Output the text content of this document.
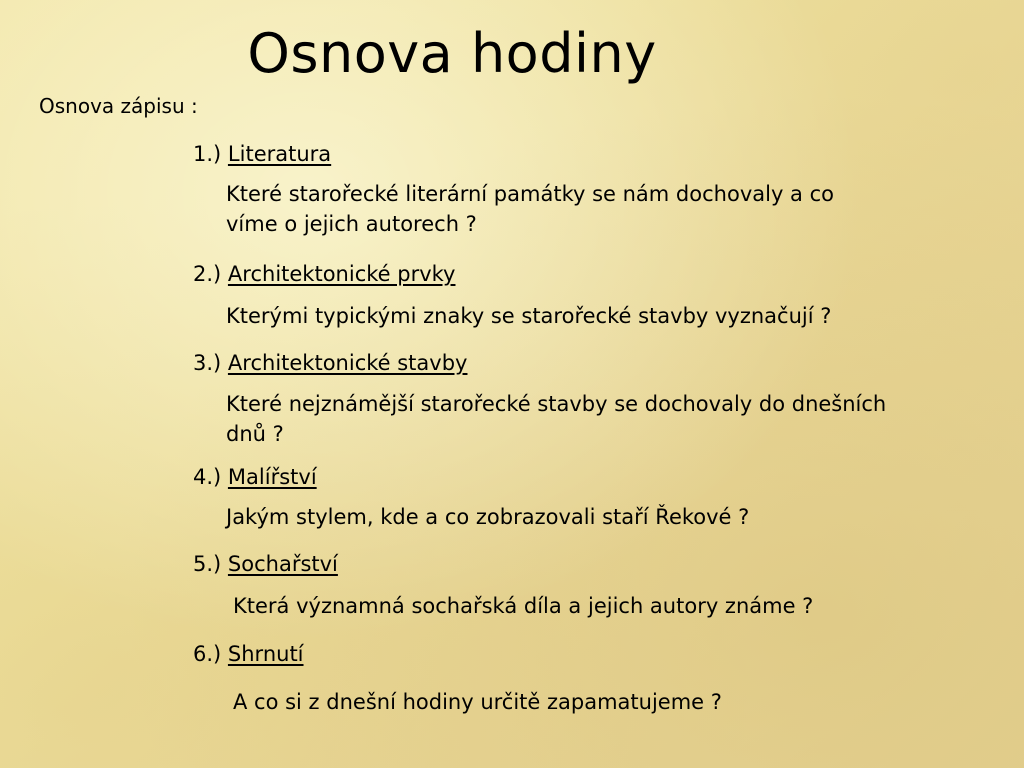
Osnova hodiny
Osnova zápisu :
1.) Literatura
Které starořecké literární památky se nám dochovaly a co
víme o jejich autorech ?
2.) Architektonické prvky
Kterými typickými znaky se starořecké stavby vyznačují ?
3.) Architektonické stavby
Které nejznámější starořecké stavby se dochovaly do dnešních
dnů ?
4.) Malířství
Jakým stylem, kde a co zobrazovali staří Řekové ?
5.) Sochařství
Která významná sochařská díla a jejich autory známe ?
6.) Shrnutí
A co si z dnešní hodiny určitě zapamatujeme ?
